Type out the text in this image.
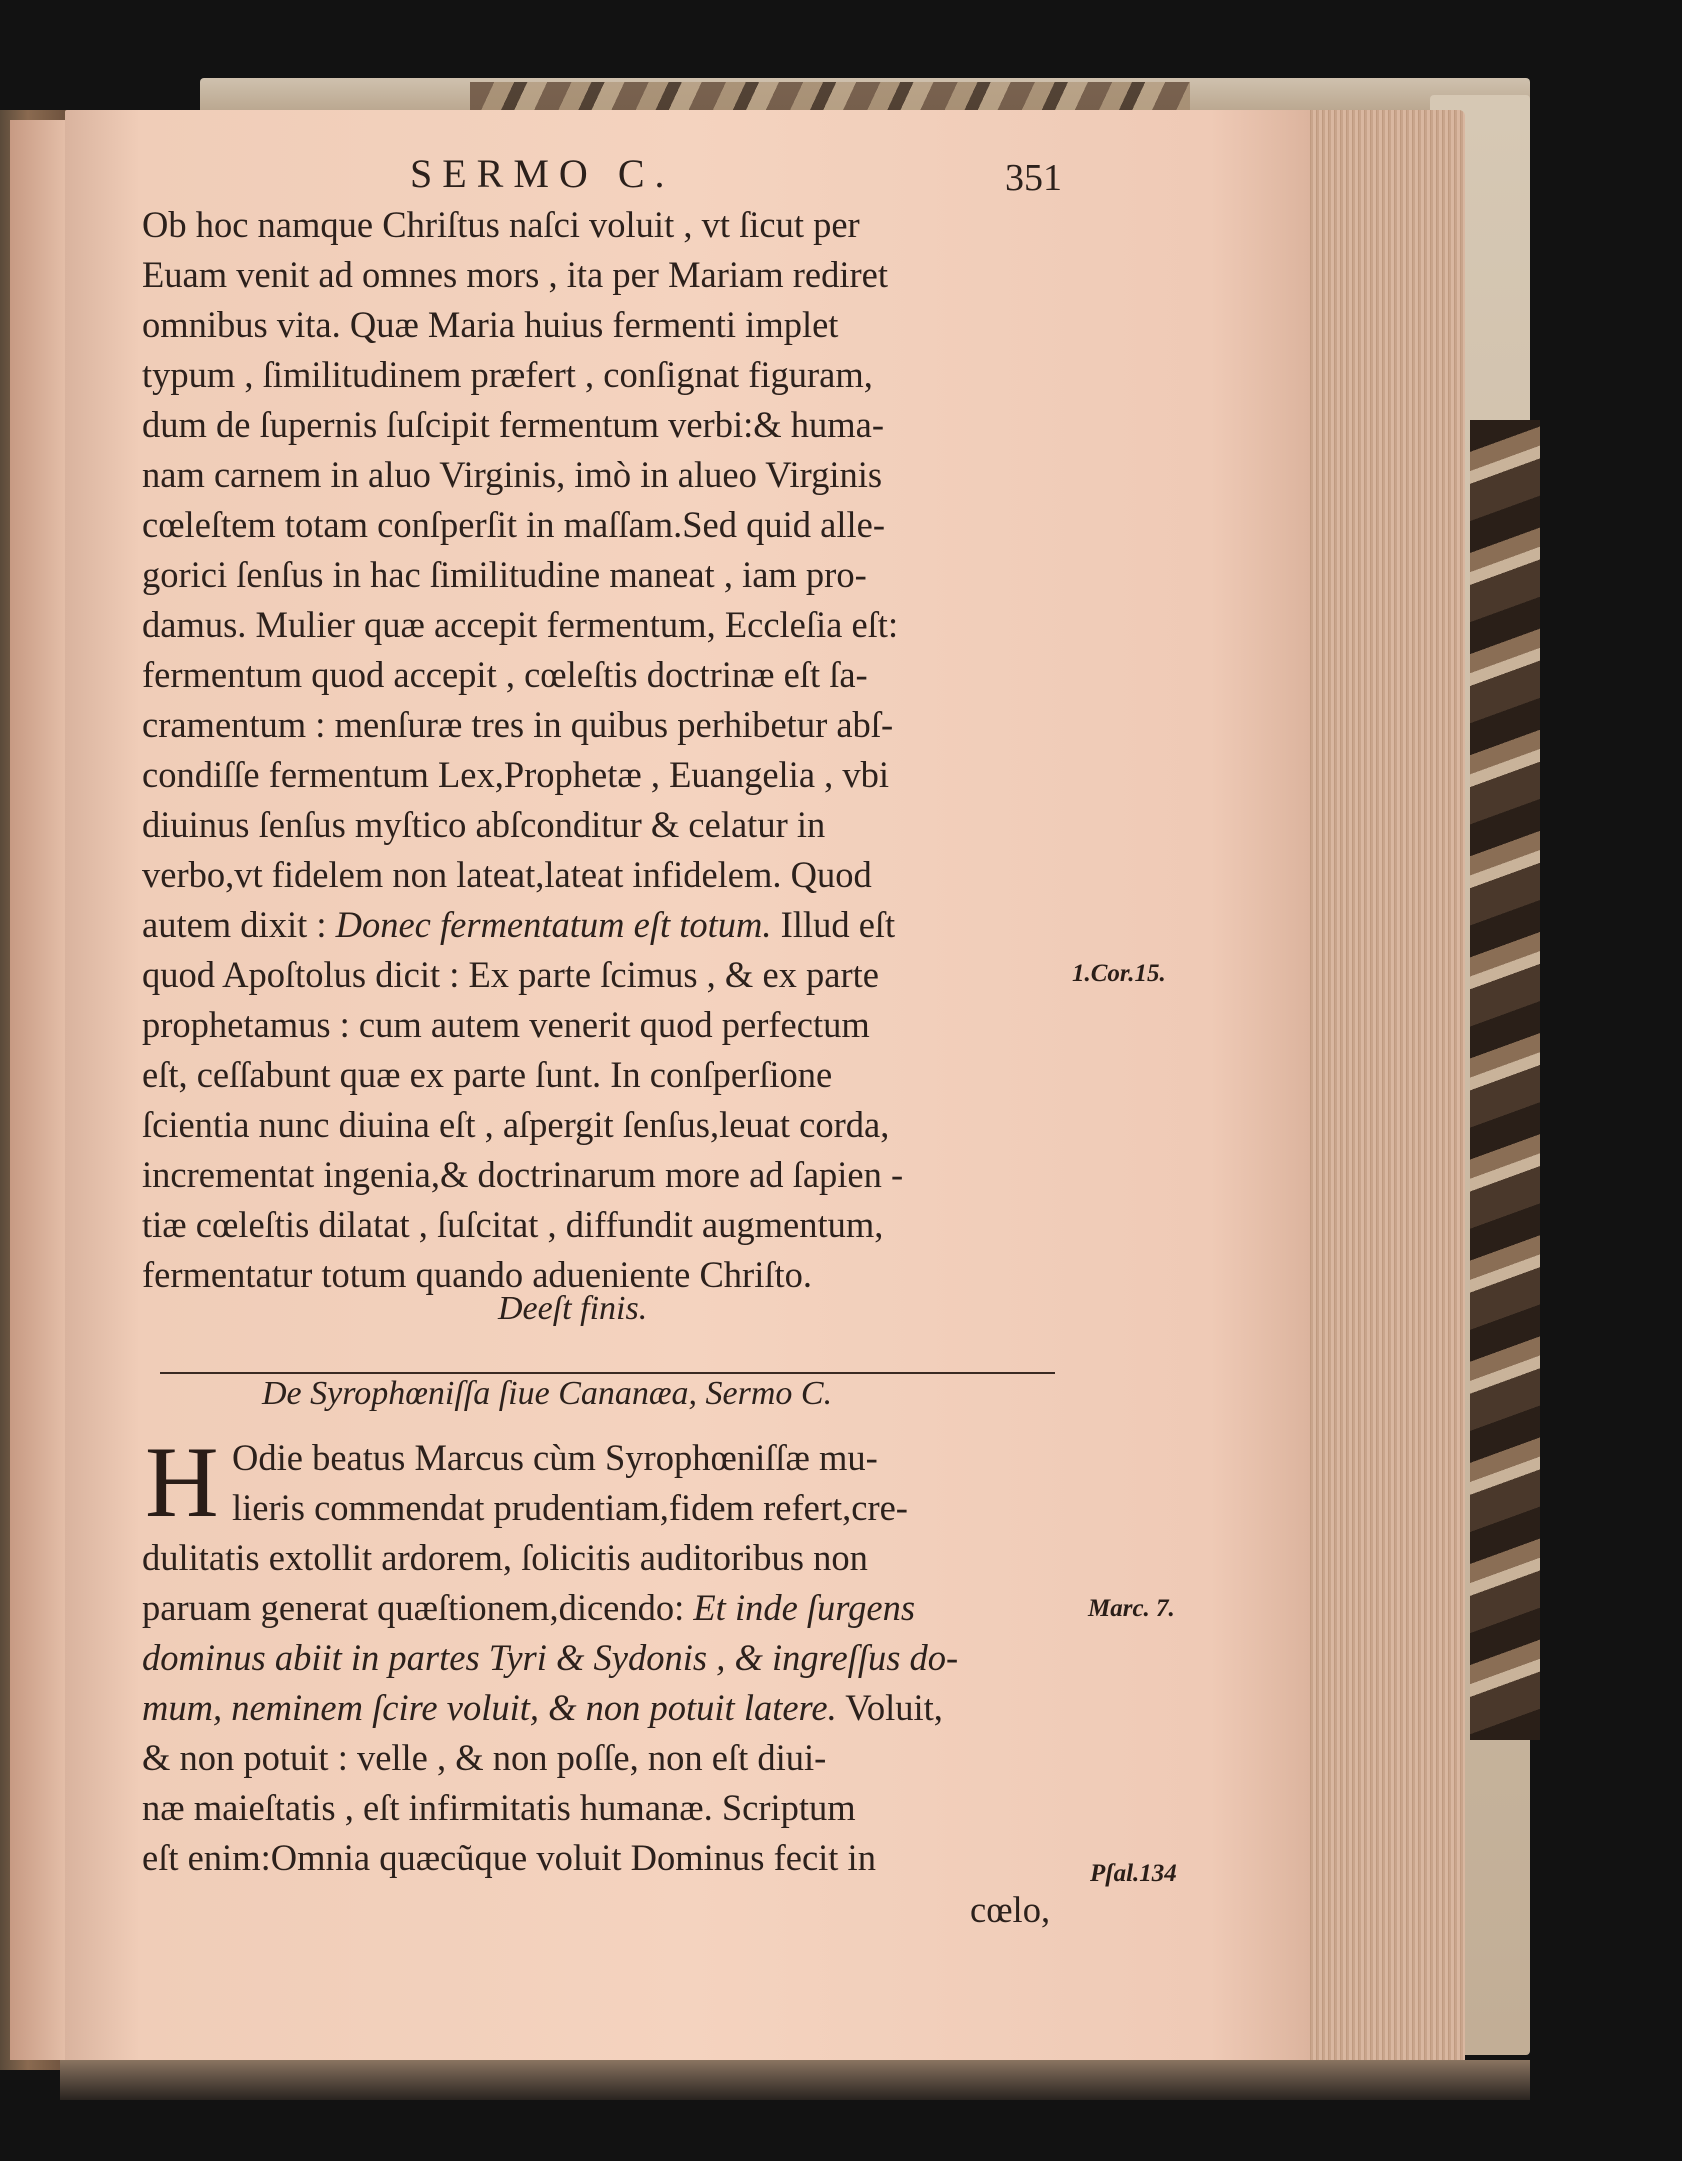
SERMO C.	351
Ob hoc namque Chriſtus naſci voluit , vt ſicut per
Euam venit ad omnes mors , ita per Mariam rediret
omnibus vita. Quæ Maria huius fermenti implet
typum , ſimilitudinem præfert , conſignat figuram,
dum de ſupernis ſuſcipit fermentum verbi:& huma-
nam carnem in aluo Virginis, imò in alueo Virginis
cœleſtem totam conſperſit in maſſam.Sed quid alle-
gorici ſenſus in hac ſimilitudine maneat , iam pro-
damus. Mulier quæ accepit fermentum, Eccleſia eſt:
fermentum quod accepit , cœleſtis doctrinæ eſt ſa-
cramentum : menſuræ tres in quibus perhibetur abſ-
condiſſe fermentum Lex,Prophetæ , Euangelia , vbi
diuinus ſenſus myſtico abſconditur & celatur in
verbo,vt fidelem non lateat,lateat infidelem. Quod
autem dixit : Donec fermentatum eſt totum. Illud eſt
quod Apoſtolus dicit : Ex parte ſcimus , & ex parte
prophetamus : cum autem venerit quod perfectum
eſt, ceſſabunt quæ ex parte ſunt. In conſperſione
ſcientia nunc diuina eſt , aſpergit ſenſus,leuat corda,
incrementat ingenia,& doctrinarum more ad ſapien -
tiæ cœleſtis dilatat , ſuſcitat , diffundit augmentum,
fermentatur totum quando adueniente Chriſto.
Deeſt finis.
De Syrophœniſſa ſiue Cananæa, Sermo C.
H Odie beatus Marcus cùm Syrophœniſſæ mu-
lieris commendat prudentiam,fidem refert,cre-
dulitatis extollit ardorem, ſolicitis auditoribus non
paruam generat quæſtionem,dicendo: Et inde ſurgens
dominus abiit in partes Tyri & Sydonis , & ingreſſus do-
mum, neminem ſcire voluit, & non potuit latere. Voluit,
& non potuit : velle , & non poſſe, non eſt diui-
næ maieſtatis , eſt infirmitatis humanæ. Scriptum
eſt enim:Omnia quæcũque voluit Dominus fecit in
cœlo,
1.Cor.15.
Marc. 7.
Pſal.134
